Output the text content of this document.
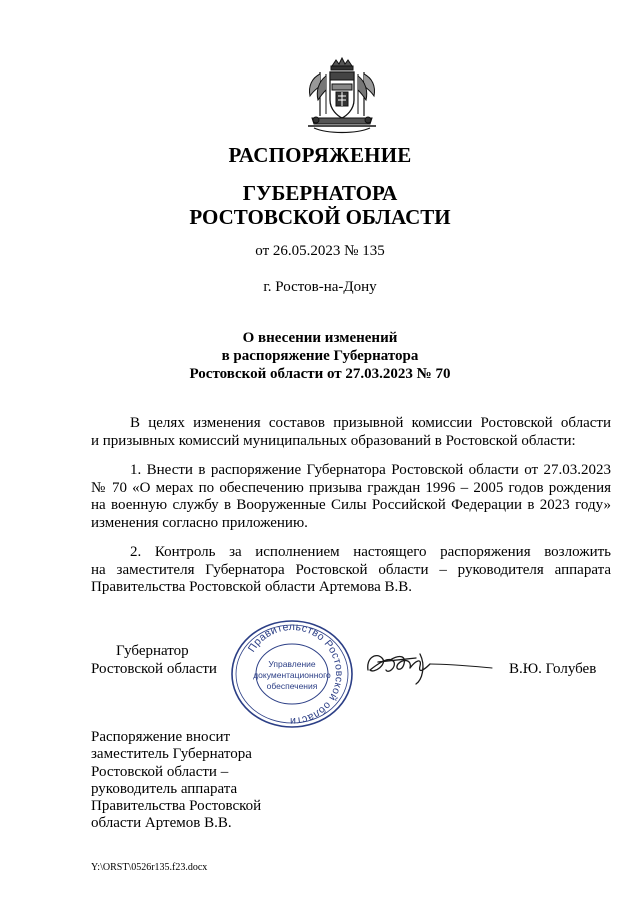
РАСПОРЯЖЕНИЕ
ГУБЕРНАТОРА
РОСТОВСКОЙ ОБЛАСТИ
от 26.05.2023 № 135
г. Ростов-на-Дону
О внесении изменений
в распоряжение Губернатора
Ростовской области от 27.03.2023 № 70
В целях изменения составов призывной комиссии Ростовской области
и призывных комиссий муниципальных образований в Ростовской области:
1. Внести в распоряжение Губернатора Ростовской области от 27.03.2023
№ 70 «О мерах по обеспечению призыва граждан 1996 – 2005 годов рождения
на военную службу в Вооруженные Силы Российской Федерации в 2023 году»
изменения согласно приложению.
2. Контроль за исполнением настоящего распоряжения возложить
на заместителя Губернатора Ростовской области – руководителя аппарата
Правительства Ростовской области Артемова В.В.
Губернатор
Ростовской области	В.Ю. Голубев
Правительство Ростовской области
Управление
документационного
обеспечения
Распоряжение вносит
заместитель Губернатора
Ростовской области –
руководитель аппарата
Правительства Ростовской
области Артемов В.В.
Y:\ORST\0526r135.f23.docx
